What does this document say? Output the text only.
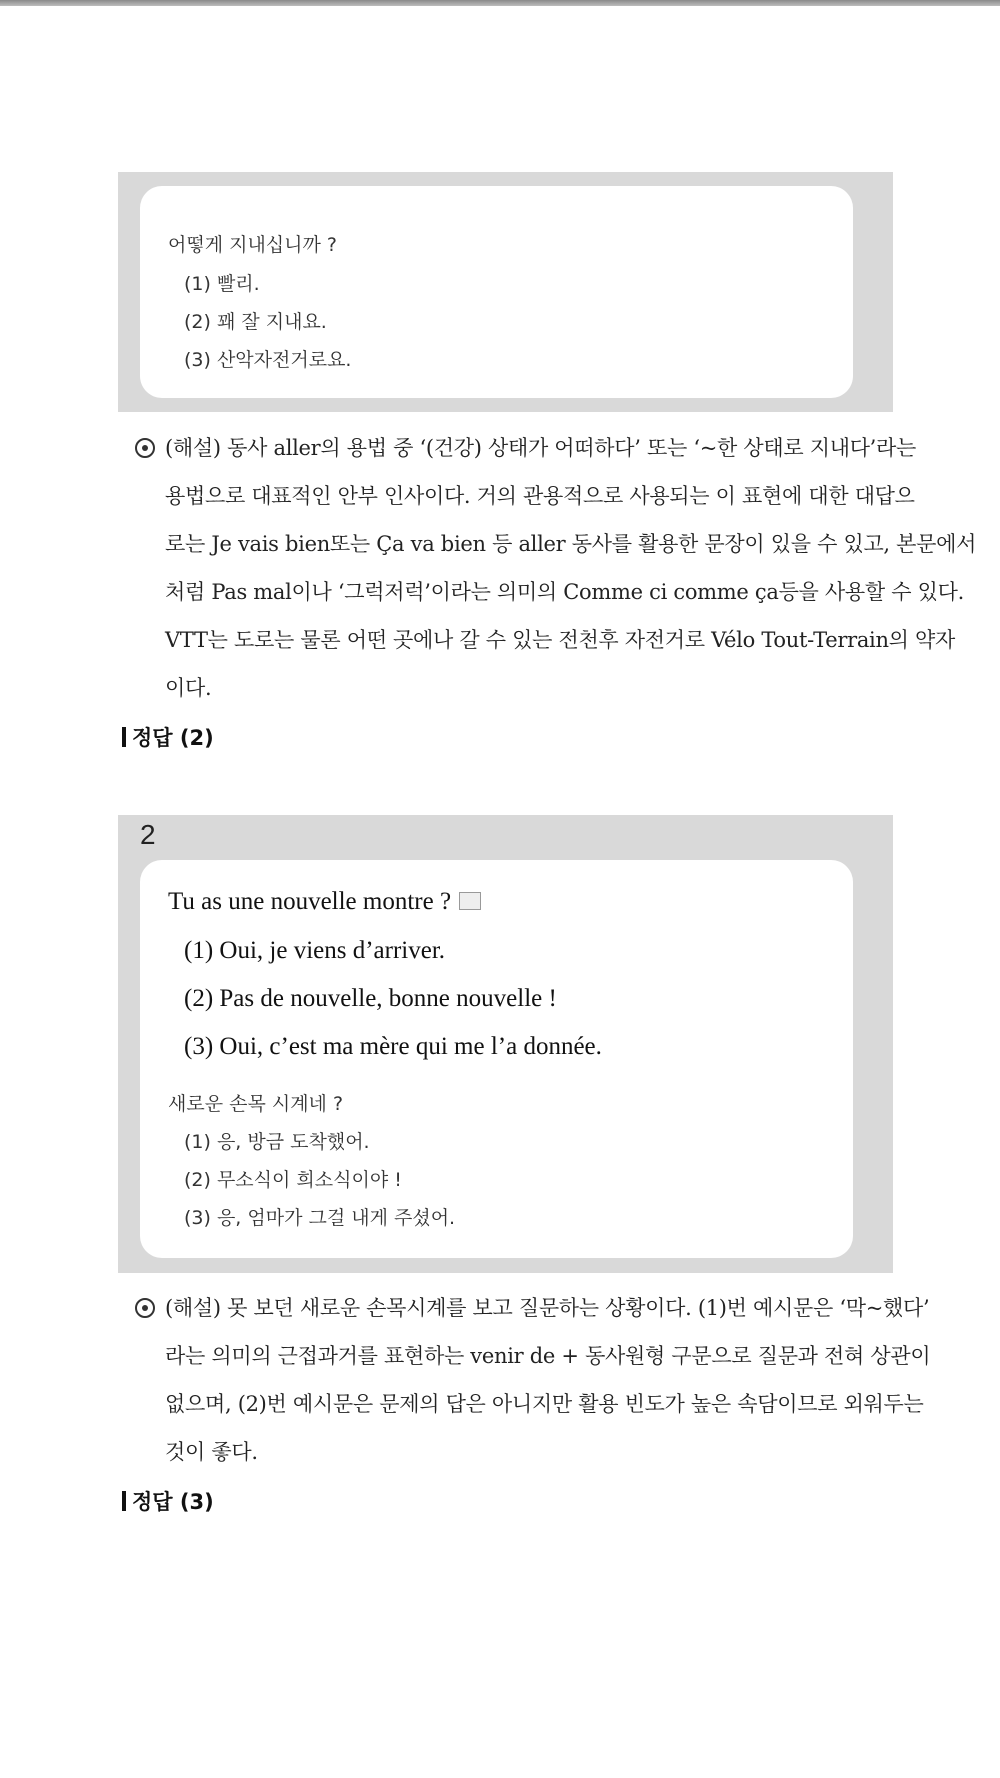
어떻게 지내십니까 ?
(1) 빨리.
(2) 꽤 잘 지내요.
(3) 산악자전거로요.
(해설) 동사 aller의 용법 중 ‘(건강) 상태가 어떠하다’ 또는 ‘~한 상태로 지내다’라는
용법으로 대표적인 안부 인사이다. 거의 관용적으로 사용되는 이 표현에 대한 대답으
로는 Je vais bien또는 Ça va bien 등 aller 동사를 활용한 문장이 있을 수 있고, 본문에서
처럼 Pas mal이나 ‘그럭저럭’이라는 의미의 Comme ci comme ça등을 사용할 수 있다.
VTT는 도로는 물론 어떤 곳에나 갈 수 있는 전천후 자전거로 Vélo Tout-Terrain의 약자
이다.
정답 (2)
2
Tu as une nouvelle montre ?
(1) Oui, je viens d’arriver.
(2) Pas de nouvelle, bonne nouvelle !
(3) Oui, c’est ma mère qui me l’a donnée.
새로운 손목 시계네 ?
(1) 응, 방금 도착했어.
(2) 무소식이 희소식이야 !
(3) 응, 엄마가 그걸 내게 주셨어.
(해설) 못 보던 새로운 손목시계를 보고 질문하는 상황이다. (1)번 예시문은 ‘막~했다’
라는 의미의 근접과거를 표현하는 venir de + 동사원형 구문으로 질문과 전혀 상관이
없으며, (2)번 예시문은 문제의 답은 아니지만 활용 빈도가 높은 속담이므로 외워두는
것이 좋다.
정답 (3)
